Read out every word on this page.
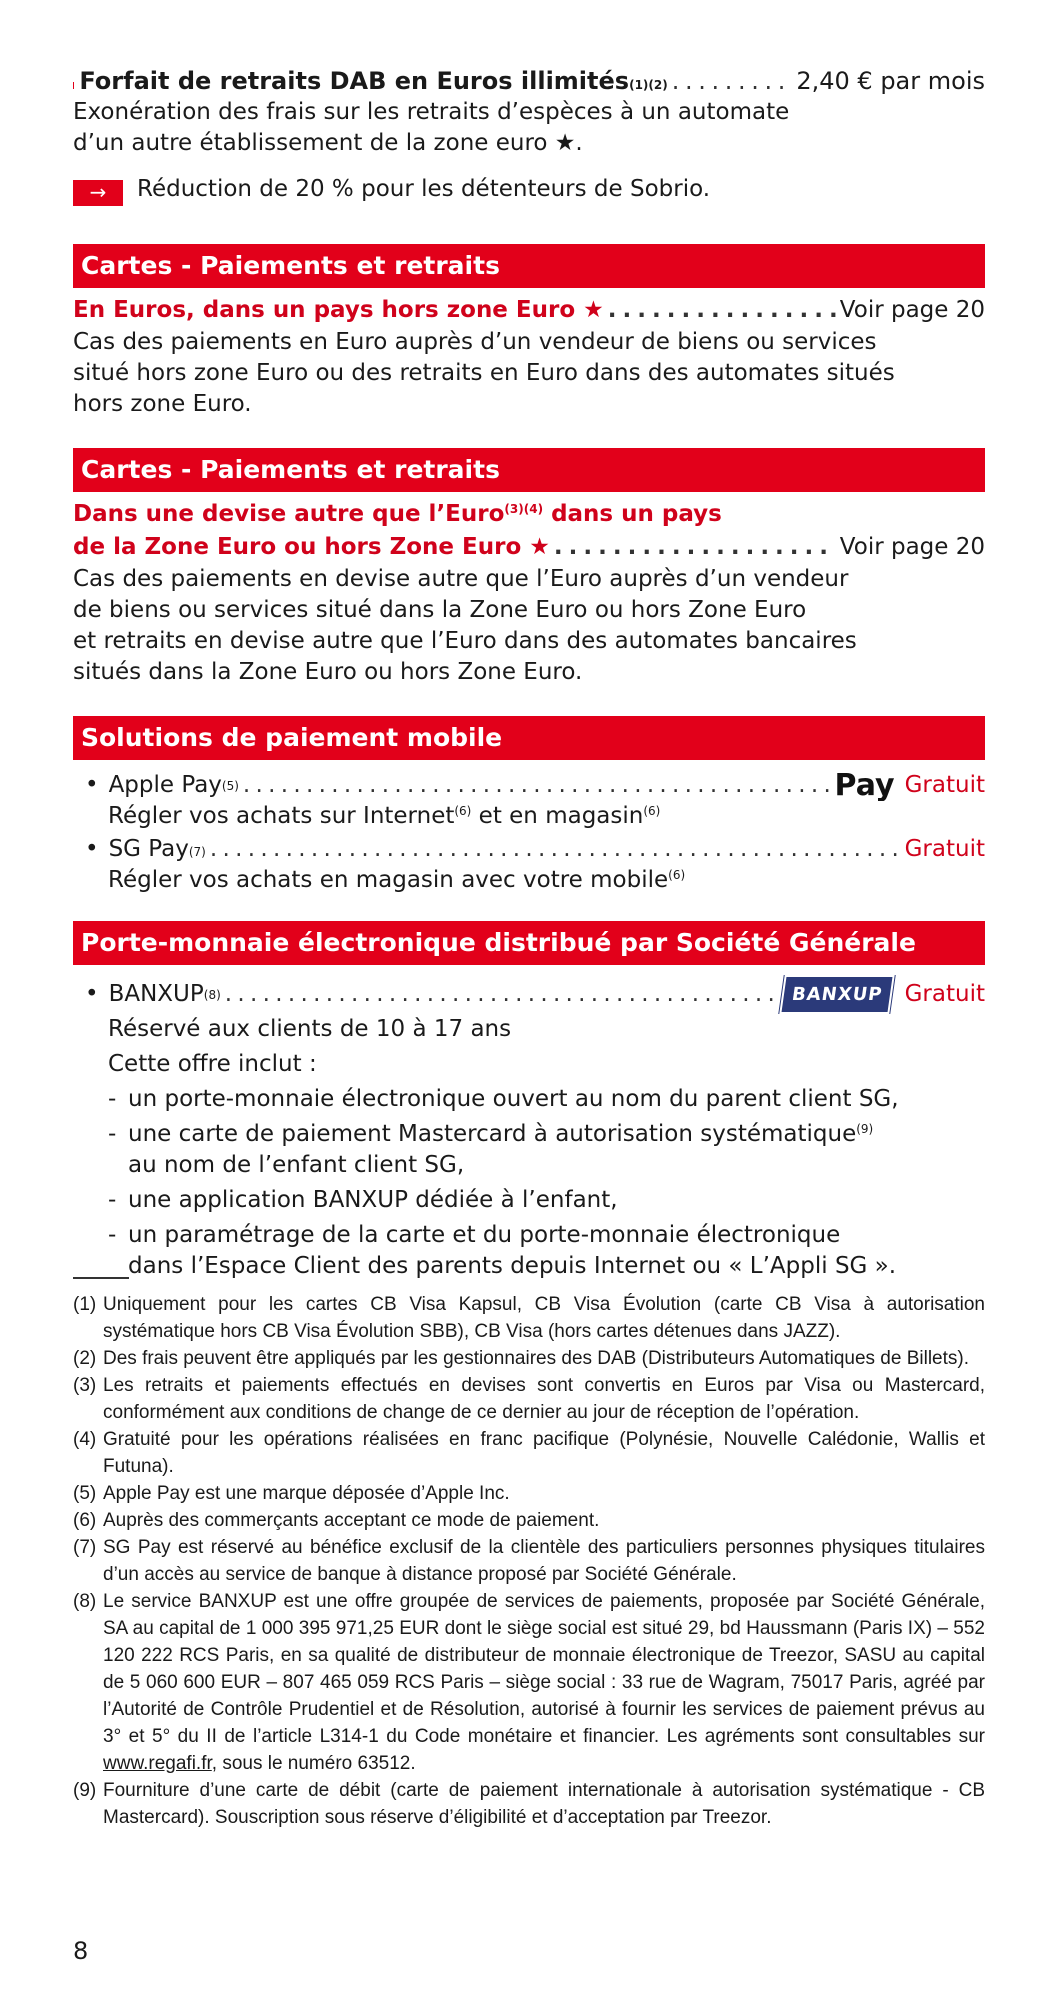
Forfait de retraits DAB en Euros illimités (1)(2) . . .	2,40 € par mois
Exonération des frais sur les retraits d’espèces à un automate
d’un autre établissement de la zone euro ★.
→ Réduction de 20 % pour les détenteurs de Sobrio.
Cartes - Paiements et retraits
En Euros, dans un pays hors zone Euro ★ . . .	Voir page 20
Cas des paiements en Euro auprès d’un vendeur de biens ou services
situé hors zone Euro ou des retraits en Euro dans des automates situés
hors zone Euro.
Cartes - Paiements et retraits
Dans une devise autre que l’Euro$^{(3)(4)}$ dans un pays
de la Zone Euro ou hors Zone Euro ★ . . .	Voir page 20
Cas des paiements en devise autre que l’Euro auprès d’un vendeur
de biens ou services situé dans la Zone Euro ou hors Zone Euro
et retraits en devise autre que l’Euro dans des automates bancaires
situés dans la Zone Euro ou hors Zone Euro.
Solutions de paiement mobile
• Apple Pay (5) . . .	Pay Gratuit
Régler vos achats sur Internet$^{(6)}$ et en magasin$^{(6)}$
• SG Pay (7) . . .	Gratuit
Régler vos achats en magasin avec votre mobile$^{(6)}$
Porte-monnaie électronique distribué par Société Générale
• BANXUP (8) . . .	BANXUP Gratuit
Réservé aux clients de 10 à 17 ans
Cette offre inclut :
- un porte-monnaie électronique ouvert au nom du parent client SG,
- une carte de paiement Mastercard à autorisation systématique$^{(9)}$
au nom de l’enfant client SG,
- une application BANXUP dédiée à l’enfant,
- un paramétrage de la carte et du porte-monnaie électronique
dans l’Espace Client des parents depuis Internet ou « L’Appli SG ».
(1) Uniquement pour les cartes CB Visa Kapsul, CB Visa Évolution (carte CB Visa à autorisation systématique hors CB Visa Évolution SBB), CB Visa (hors cartes détenues dans JAZZ).
(2) Des frais peuvent être appliqués par les gestionnaires des DAB (Distributeurs Automatiques de Billets).
(3) Les retraits et paiements effectués en devises sont convertis en Euros par Visa ou Mastercard, conformément aux conditions de change de ce dernier au jour de réception de l’opération.
(4) Gratuité pour les opérations réalisées en franc pacifique (Polynésie, Nouvelle Calédonie, Wallis et Futuna).
(5) Apple Pay est une marque déposée d’Apple Inc.
(6) Auprès des commerçants acceptant ce mode de paiement.
(7) SG Pay est réservé au bénéfice exclusif de la clientèle des particuliers personnes physiques titulaires d’un accès au service de banque à distance proposé par Société Générale.
(8) Le service BANXUP est une offre groupée de services de paiements, proposée par Société Générale, SA au capital de 1 000 395 971,25 EUR dont le siège social est situé 29, bd Haussmann (Paris IX) – 552 120 222 RCS Paris, en sa qualité de distributeur de monnaie électronique de Treezor, SASU au capital de 5 060 600 EUR – 807 465 059 RCS Paris – siège social : 33 rue de Wagram, 75017 Paris, agréé par l’Autorité de Contrôle Prudentiel et de Résolution, autorisé à fournir les services de paiement prévus au 3° et 5° du II de l’article L314-1 du Code monétaire et financier. Les agréments sont consultables sur www.regafi.fr, sous le numéro 63512.
(9) Fourniture d’une carte de débit (carte de paiement internationale à autorisation systématique - CB Mastercard). Souscription sous réserve d’éligibilité et d’acceptation par Treezor.
8
